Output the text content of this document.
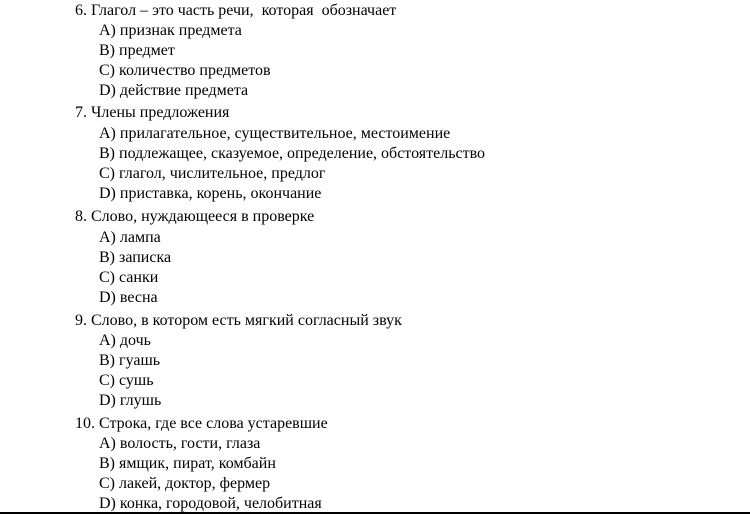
6. Глагол – это часть речи,  которая  обозначает
A) признак предмета
B) предмет
C) количество предметов
D) действие предмета
7. Члены предложения
A) прилагательное, существительное, местоимение
B) подлежащее, сказуемое, определение, обстоятельство
C) глагол, числительное, предлог
D) приставка, корень, окончание
8. Слово, нуждающееся в проверке
A) лампа
B) записка
C) санки
D) весна
9. Слово, в котором есть мягкий согласный звук
A) дочь
B) гуашь
C) сушь
D) глушь
10. Строка, где все слова устаревшие
A) волость, гости, глаза
B) ямщик, пират, комбайн
C) лакей, доктор, фермер
D) конка, городовой, челобитная
